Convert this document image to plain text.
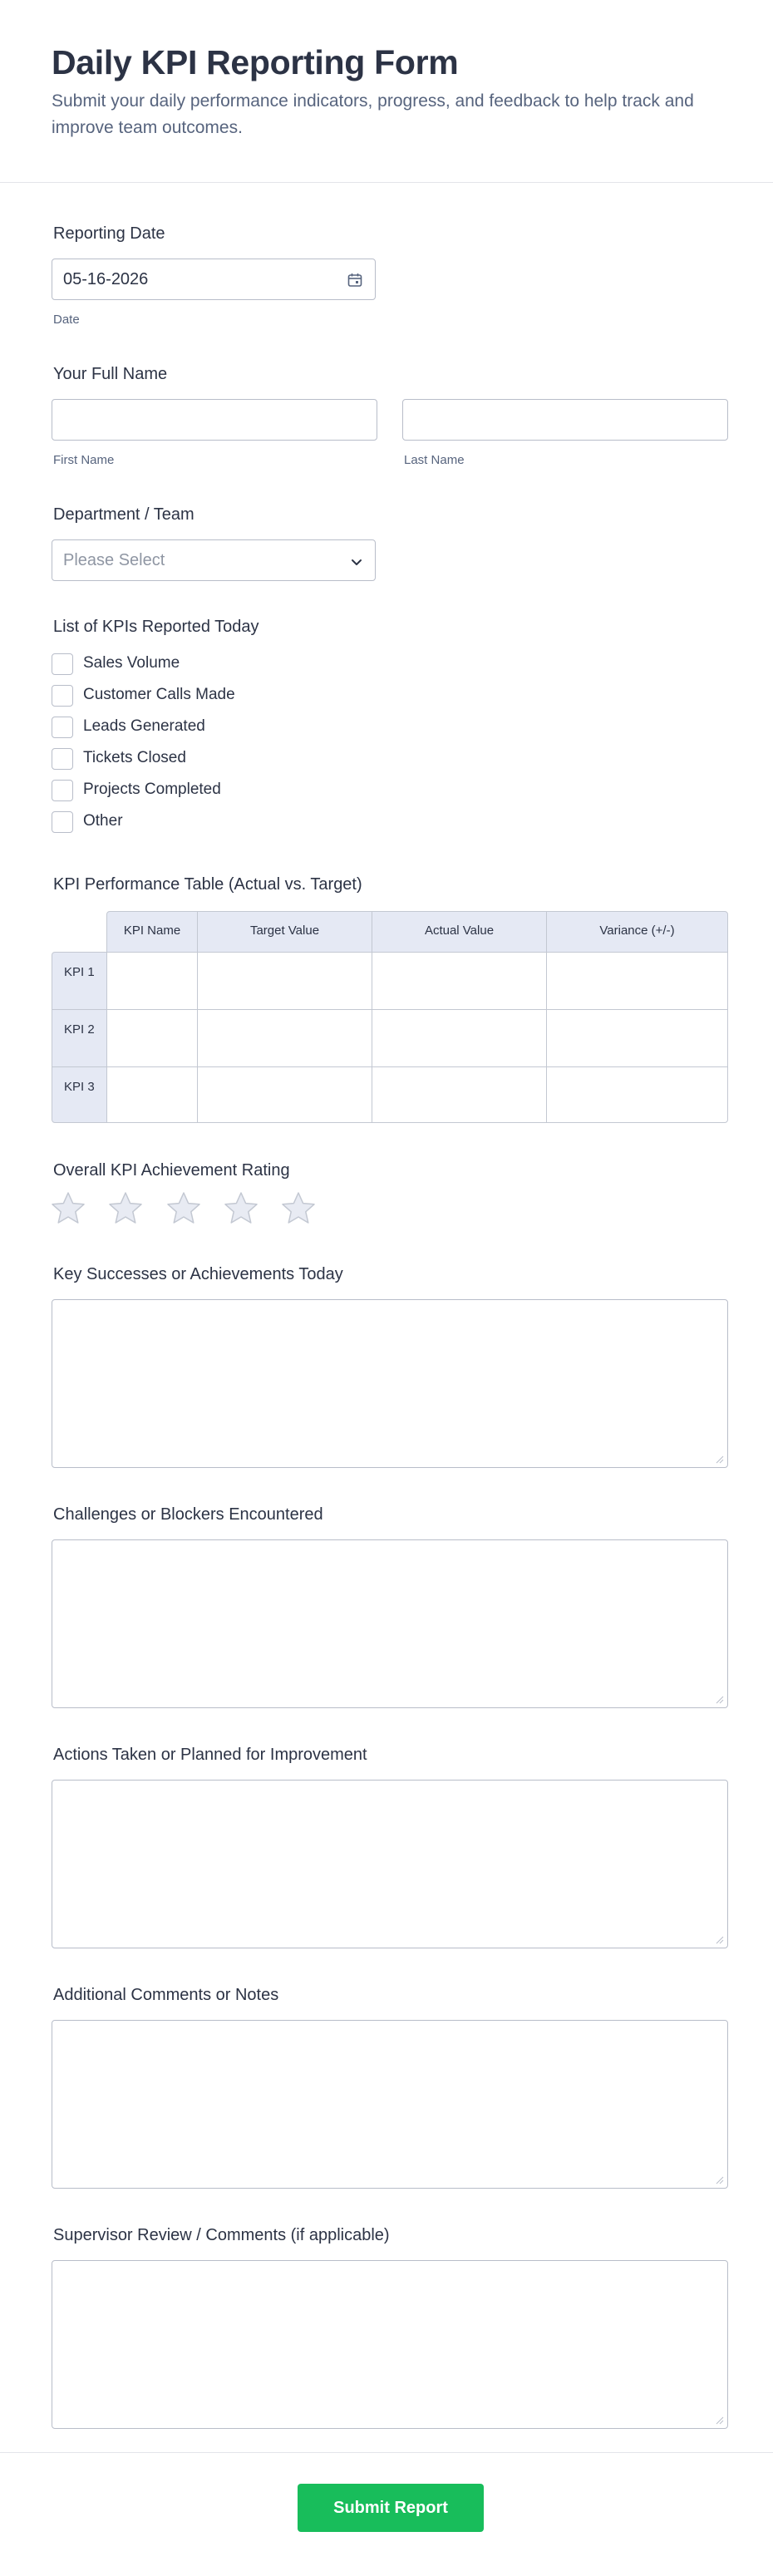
Daily KPI Reporting Form
Submit your daily performance indicators, progress, and feedback to help track and improve team outcomes.
Reporting Date
05-16-2026
Date
Your Full Name
First Name	Last Name
Department / Team
Please Select
List of KPIs Reported Today
Sales Volume
Customer Calls Made
Leads Generated
Tickets Closed
Projects Completed
Other
KPI Performance Table (Actual vs. Target)
KPI Name	Target Value	Actual Value	Variance (+/-)
KPI 1
KPI 2
KPI 3
Overall KPI Achievement Rating
Key Successes or Achievements Today
Challenges or Blockers Encountered
Actions Taken or Planned for Improvement
Additional Comments or Notes
Supervisor Review / Comments (if applicable)
Submit Report
